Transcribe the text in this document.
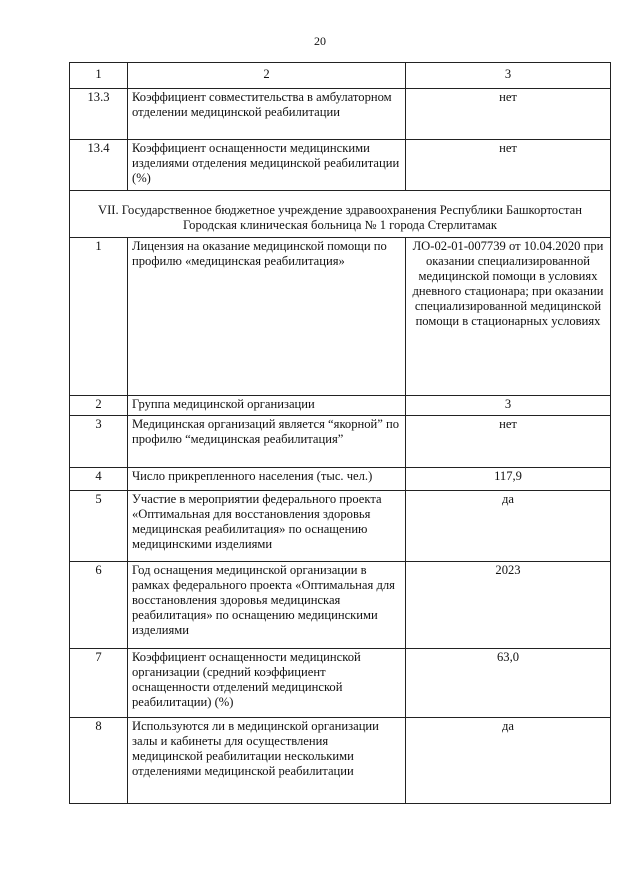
20
1	2	3
13.3	Коэффициент совместительства в амбулаторном отделении медицинской реабилитации	нет
13.4	Коэффициент оснащенности медицинскими изделиями отделения медицинской реабилитации (%)	нет
VII. Государственное бюджетное учреждение здравоохранения Республики Башкортостан Городская клиническая больница № 1 города Стерлитамак		
1	Лицензия на оказание медицинской помощи по профилю «медицинская реабилитация»	ЛО-02-01-007739 от 10.04.2020 при оказании специализированной медицинской помощи в условиях дневного стационара; при оказании специализированной медицинской помощи в стационарных условиях
2	Группа медицинской организации	3
3	Медицинская организаций является “якорной” по профилю “медицинская реабилитация”	нет
4	Число прикрепленного населения (тыс. чел.)	117,9
5	Участие в мероприятии федерального проекта «Оптимальная для восстановления здоровья медицинская реабилитация» по оснащению медицинскими изделиями	да
6	Год оснащения медицинской организации в рамках федерального проекта «Оптимальная для восстановления здоровья медицинская реабилитация» по оснащению медицинскими изделиями	2023
7	Коэффициент оснащенности медицинской организации (средний коэффициент оснащенности отделений медицинской реабилитации) (%)	63,0
8	Используются ли в медицинской организации залы и кабинеты для осуществления медицинской реабилитации несколькими отделениями медицинской реабилитации	да
